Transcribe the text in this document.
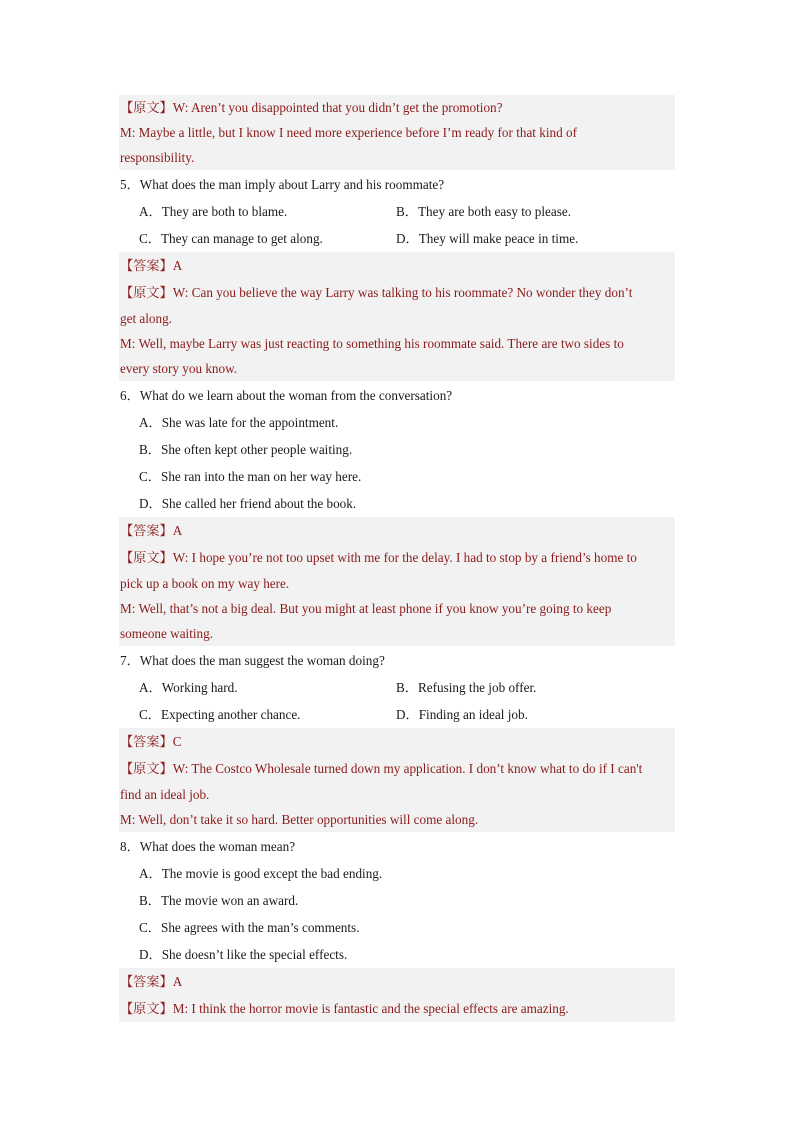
【原文】W: Aren’t you disappointed that you didn’t get the promotion?
M: Maybe a little, but I know I need more experience before I’m ready for that kind of
responsibility.
5．What does the man imply about Larry and his roommate?
A．They are both to blame.	B．They are both easy to please.
C．They can manage to get along.	D．They will make peace in time.
【答案】A
【原文】W: Can you believe the way Larry was talking to his roommate? No wonder they don’t
get along.
M: Well, maybe Larry was just reacting to something his roommate said. There are two sides to
every story you know.
6．What do we learn about the woman from the conversation?
A．She was late for the appointment.
B．She often kept other people waiting.
C．She ran into the man on her way here.
D．She called her friend about the book.
【答案】A
【原文】W: I hope you’re not too upset with me for the delay. I had to stop by a friend’s home to
pick up a book on my way here.
M: Well, that’s not a big deal. But you might at least phone if you know you’re going to keep
someone waiting.
7．What does the man suggest the woman doing?
A．Working hard.	B．Refusing the job offer.
C．Expecting another chance.	D．Finding an ideal job.
【答案】C
【原文】W: The Costco Wholesale turned down my application. I don’t know what to do if I can't
find an ideal job.
M: Well, don’t take it so hard. Better opportunities will come along.
8．What does the woman mean?
A．The movie is good except the bad ending.
B．The movie won an award.
C．She agrees with the man’s comments.
D．She doesn’t like the special effects.
【答案】A
【原文】M: I think the horror movie is fantastic and the special effects are amazing.
